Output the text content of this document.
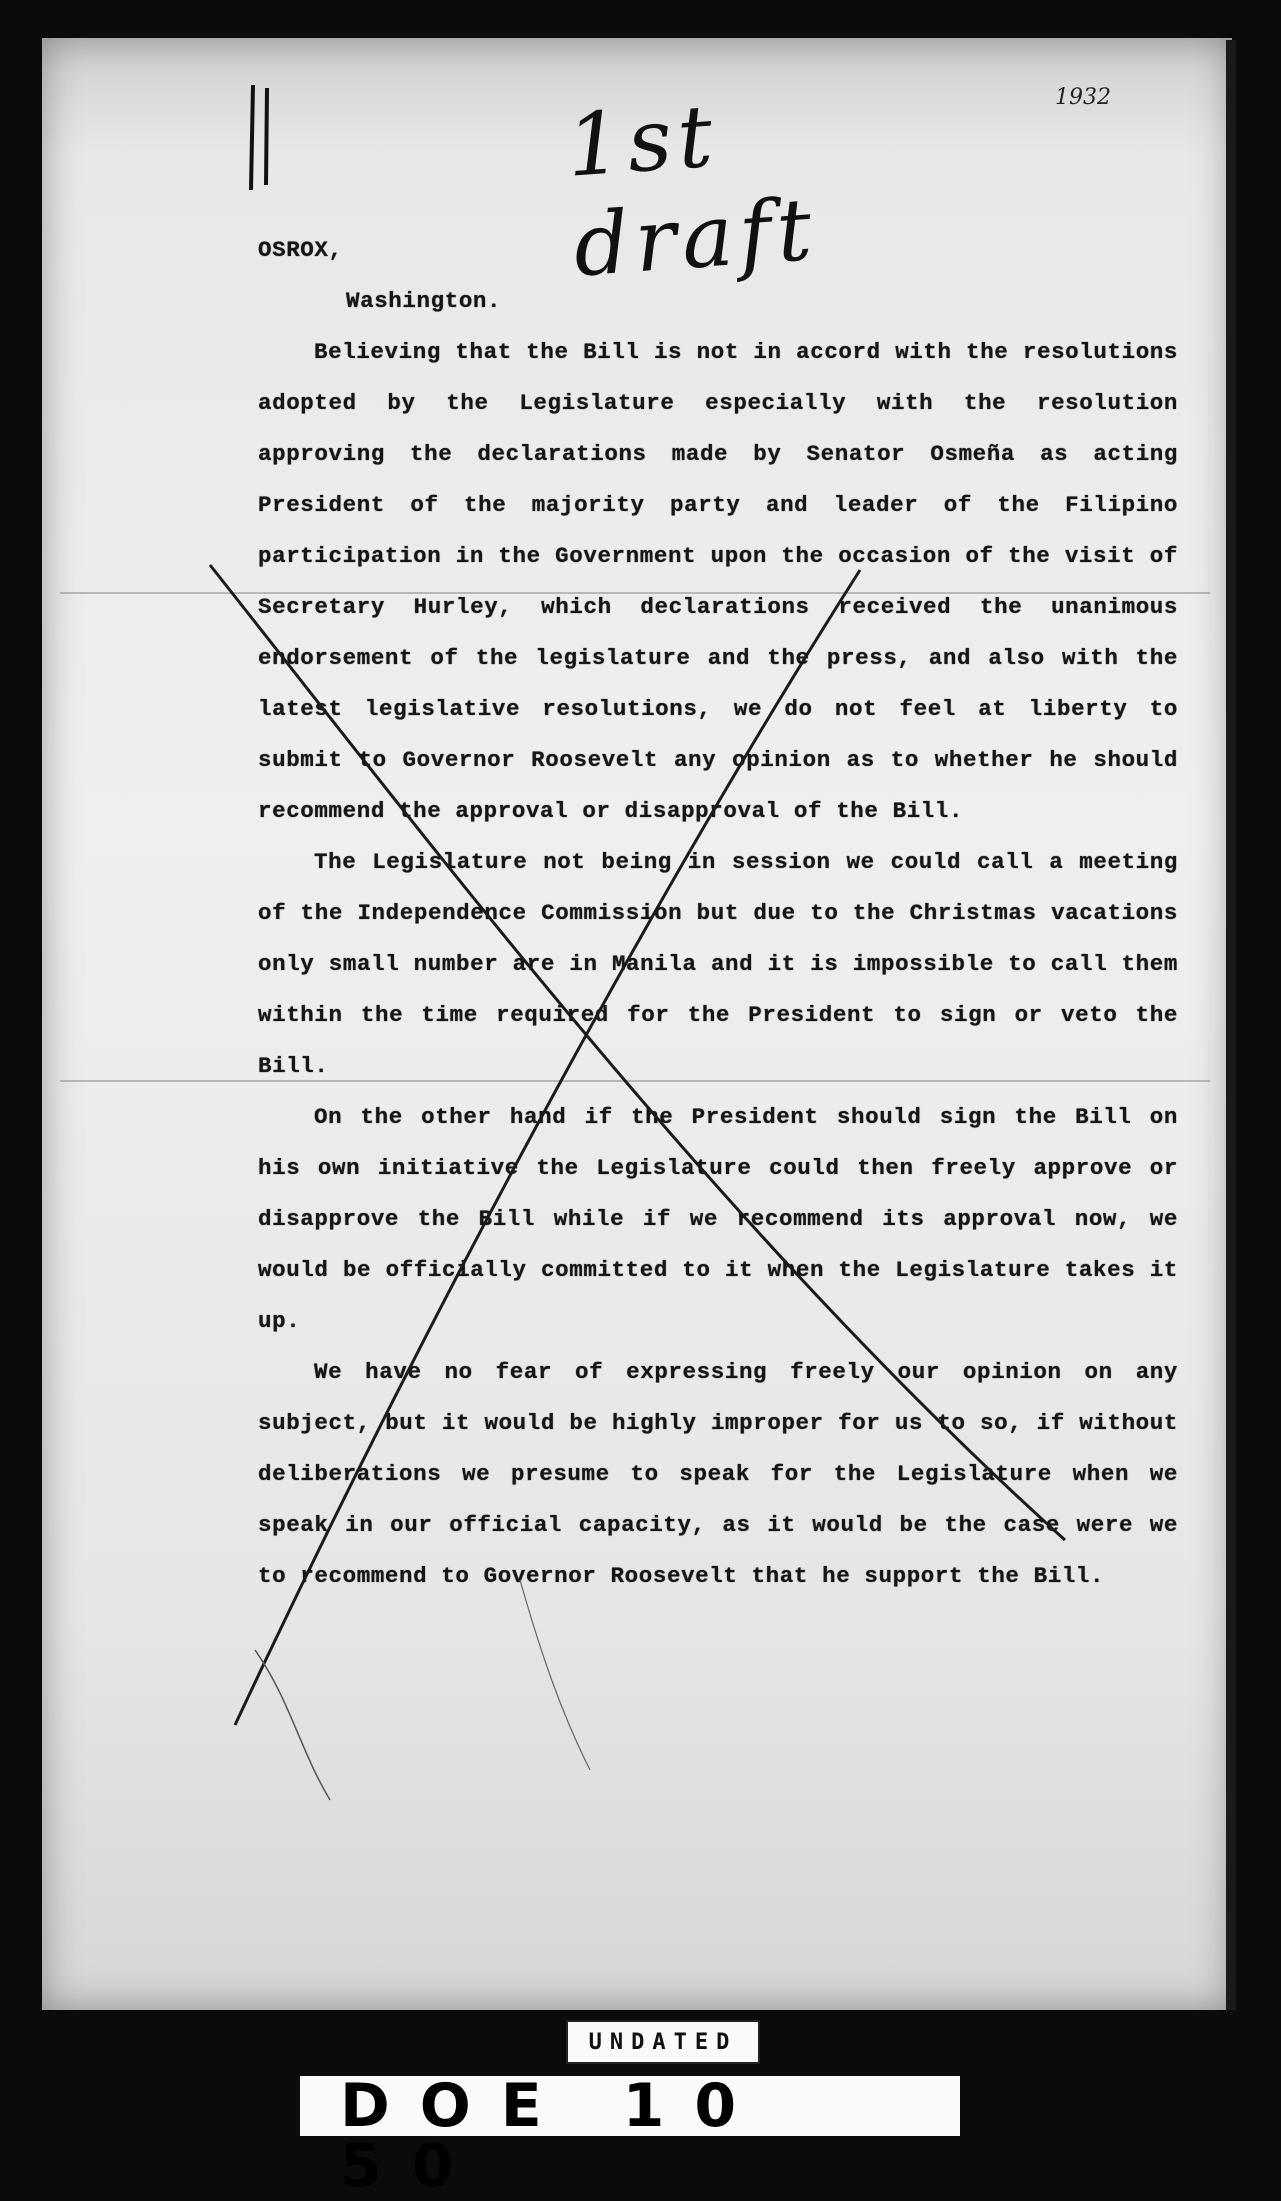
1st draft
1932

OSROX,

Washington.

Believing that the Bill is not in accord with the resolutions adopted by the Legislature especially with the resolution approving the declarations made by Senator Osmeña as acting President of the majority party and leader of the Filipino participation in the Government upon the occasion of the visit of Secretary Hurley, which declarations received the unanimous endorsement of the legislature and the press, and also with the latest legislative resolutions, we do not feel at liberty to submit to Governor Roosevelt any opinion as to whether he should recommend the approval or disapproval of the Bill.

The Legislature not being in session we could call a meeting of the Independence Commission but due to the Christmas vacations only small number are in Manila and it is impossible to call them within the time required for the President to sign or veto the Bill.

On the other hand if the President should sign the Bill on his own initiative the Legislature could then freely approve or disapprove the Bill while if we recommend its approval now, we would be officially committed to it when the Legislature takes it up.

We have no fear of expressing freely our opinion on any subject, but it would be highly improper for us to so, if without deliberations we presume to speak for the Legislature when we speak in our official capacity, as it would be the case were we to recommend to Governor Roosevelt that he support the Bill.

UNDATED
DOE 10 50
